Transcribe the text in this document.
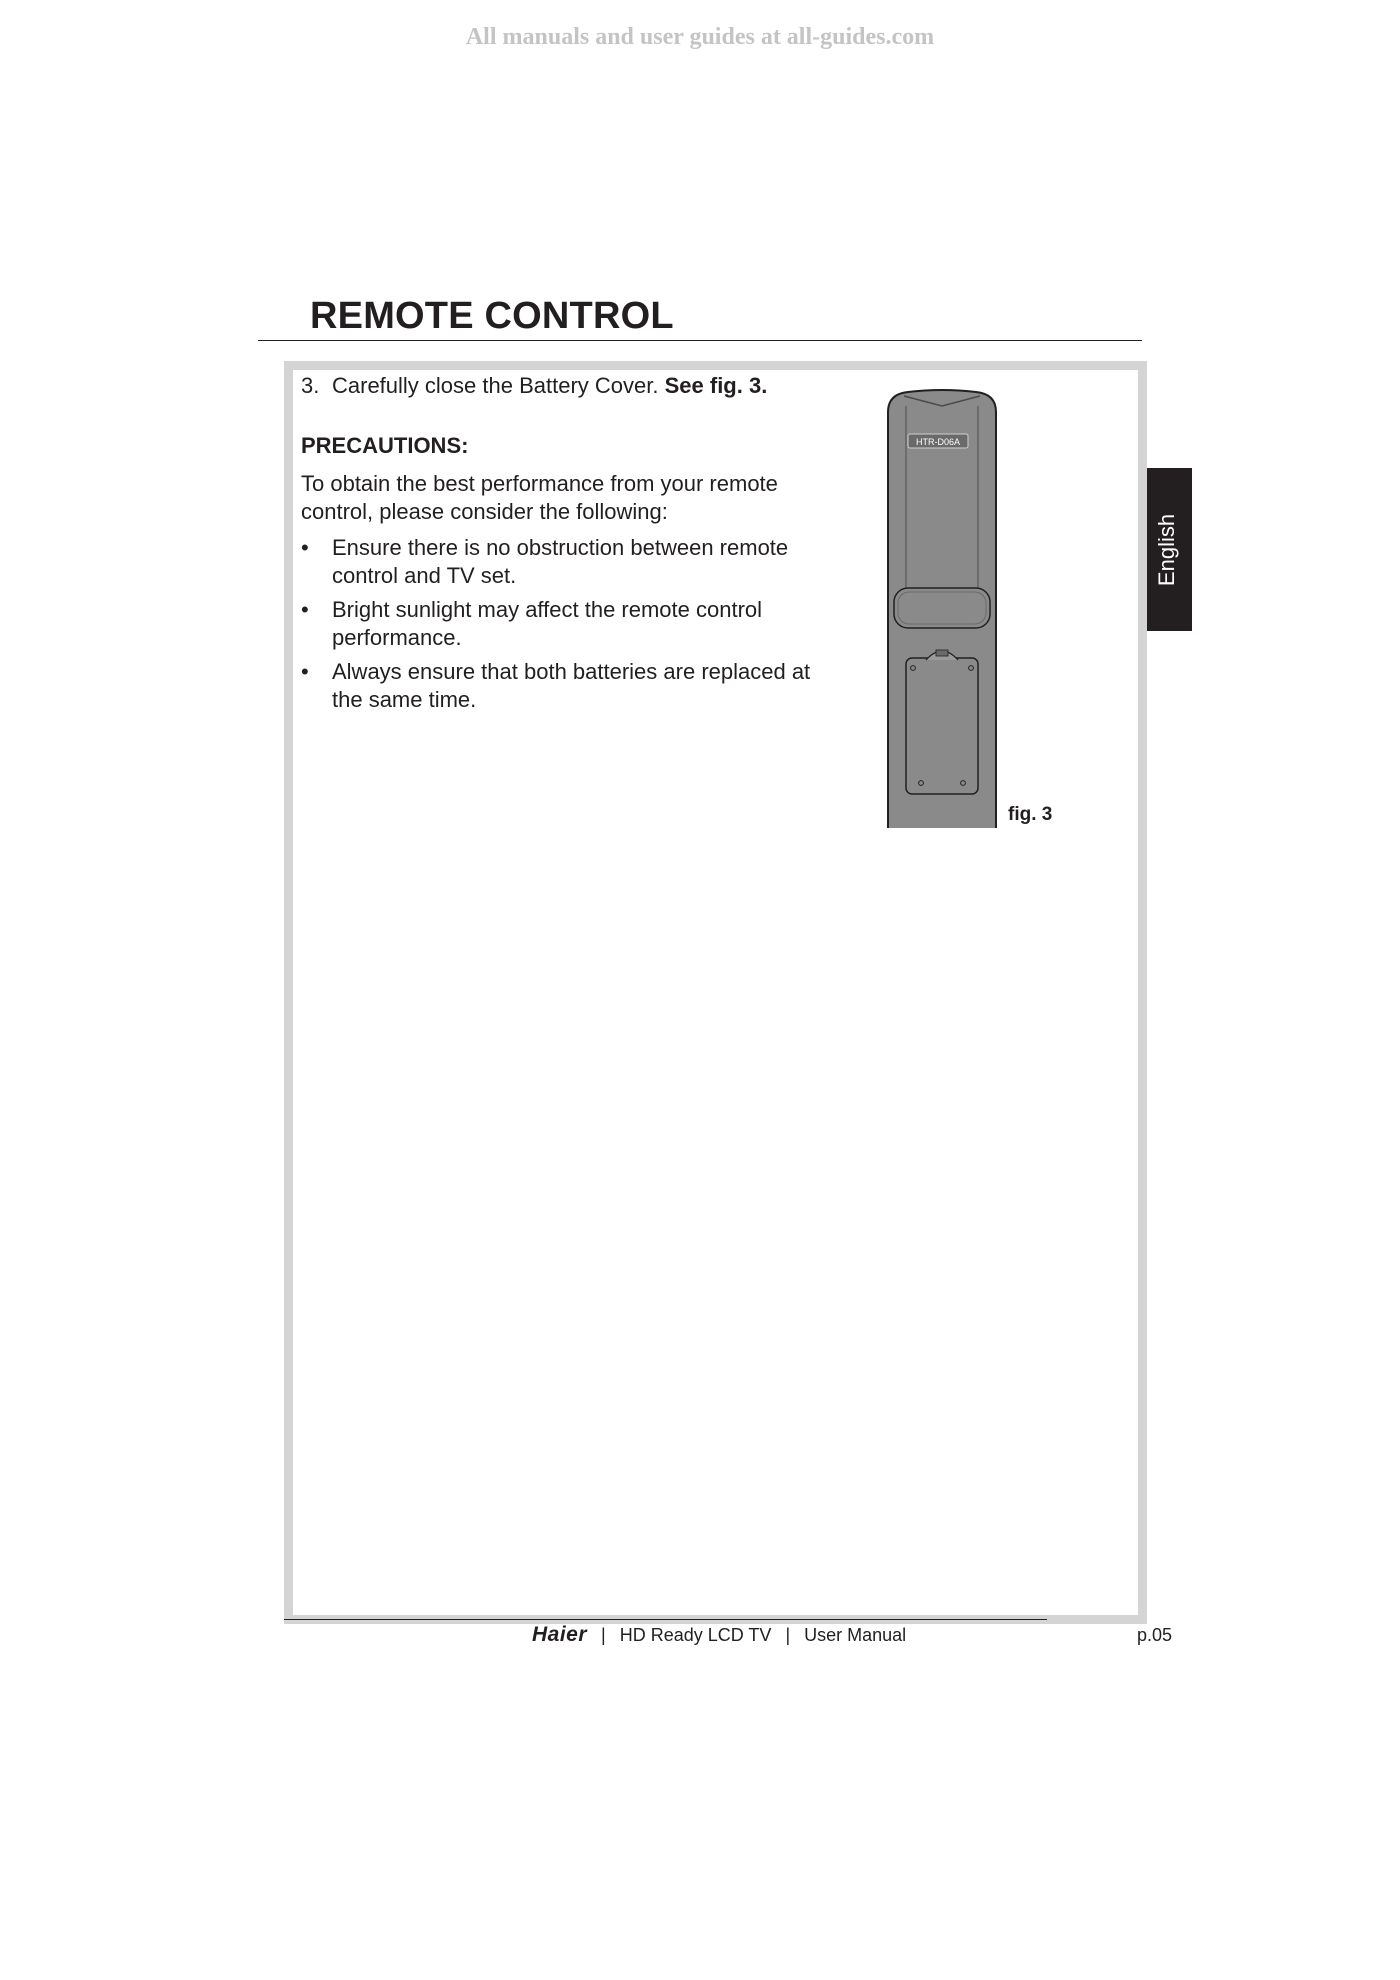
All manuals and user guides at all-guides.com
REMOTE CONTROL
English

3. Carefully close the Battery Cover. See fig. 3.

PRECAUTIONS:

To obtain the best performance from your remote control, please consider the following:

• Ensure there is no obstruction between remote control and TV set.
• Bright sunlight may affect the remote control performance.
• Always ensure that both batteries are replaced at the same time.
HTR-D06A
fig. 3
Haier | HD Ready LCD TV | User Manual	p.05
